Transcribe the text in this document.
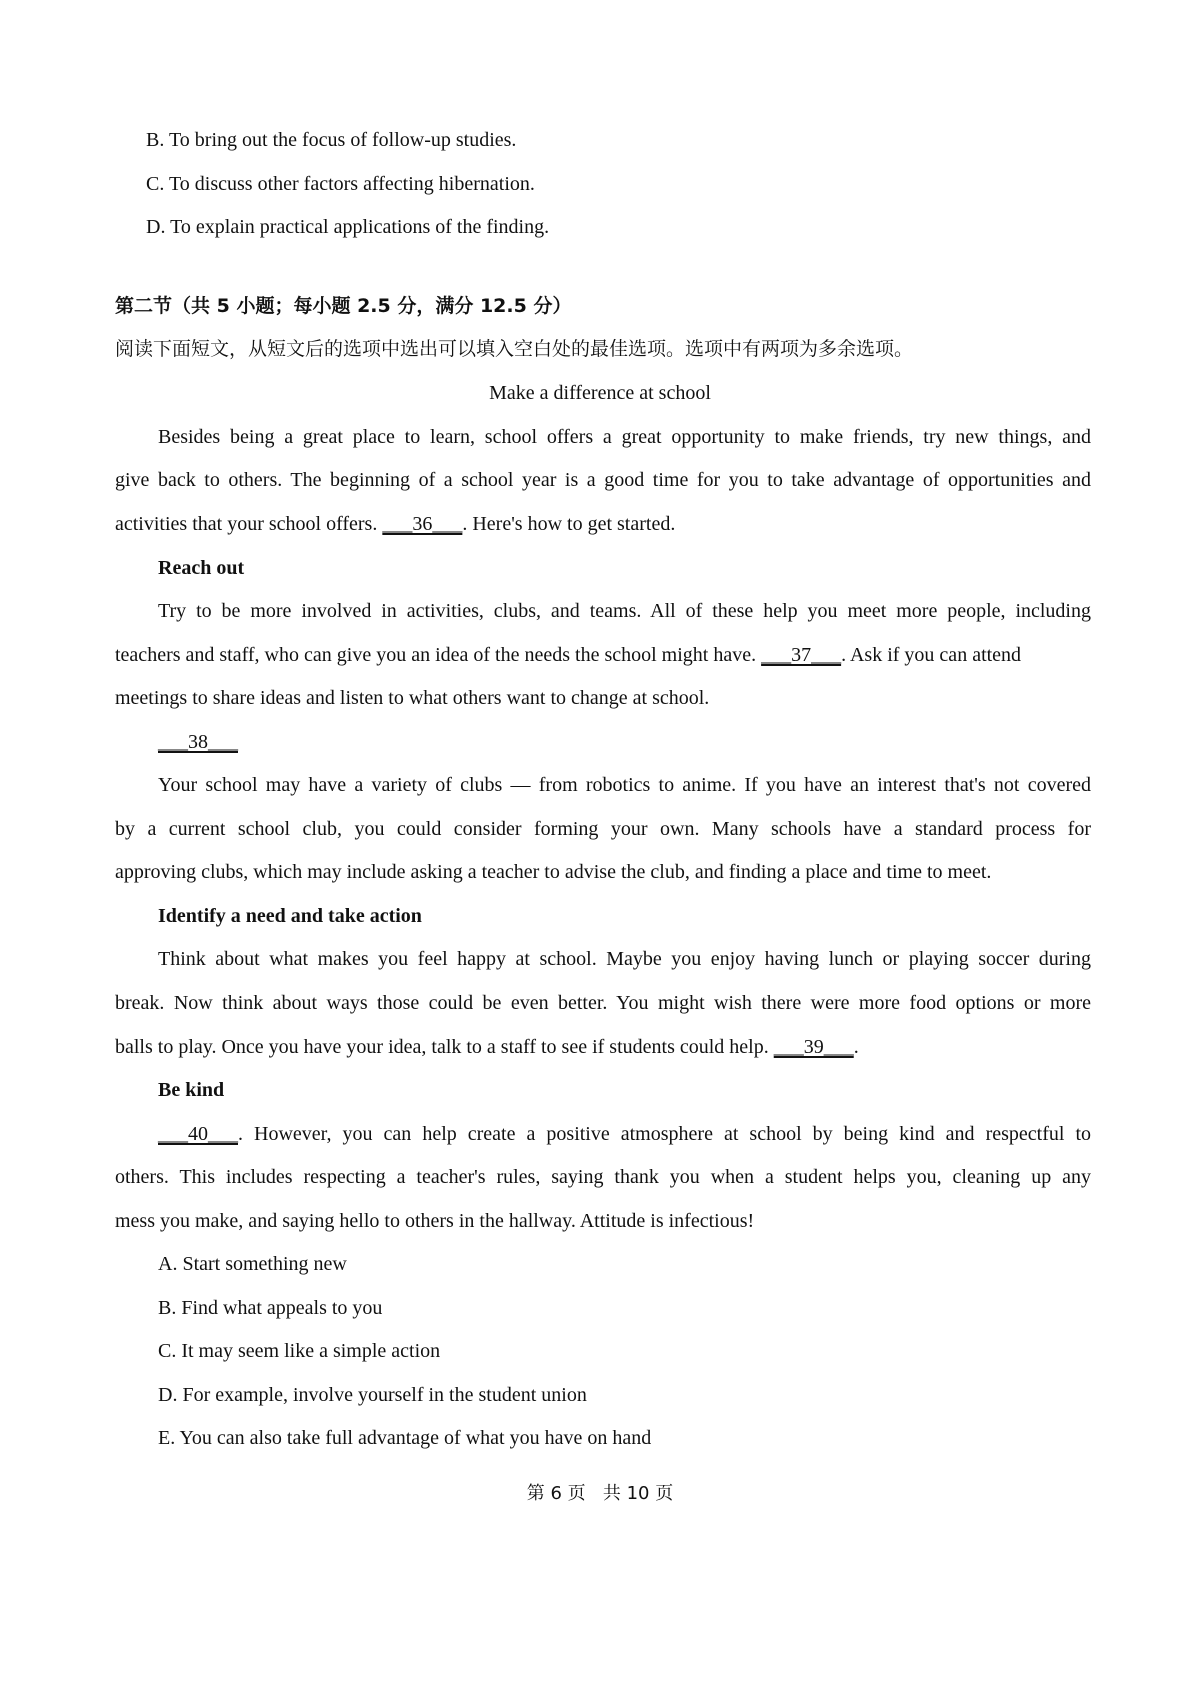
B. To bring out the focus of follow-up studies.
C. To discuss other factors affecting hibernation.
D. To explain practical applications of the finding.
第二节（共 5 小题；每小题 2.5 分，满分 12.5 分）
阅读下面短文，从短文后的选项中选出可以填入空白处的最佳选项。选项中有两项为多余选项。
Make a difference at school
Besides being a great place to learn, school offers a great opportunity to make friends, try new things, and
give back to others. The beginning of a school year is a good time for you to take advantage of opportunities and
activities that your school offers. ___36___. Here's how to get started.
Reach out
Try to be more involved in activities, clubs, and teams. All of these help you meet more people, including
teachers and staff, who can give you an idea of the needs the school might have. ___37___. Ask if you can attend
meetings to share ideas and listen to what others want to change at school.
___38___
Your school may have a variety of clubs — from robotics to anime. If you have an interest that's not covered
by a current school club, you could consider forming your own. Many schools have a standard process for
approving clubs, which may include asking a teacher to advise the club, and finding a place and time to meet.
Identify a need and take action
Think about what makes you feel happy at school. Maybe you enjoy having lunch or playing soccer during
break. Now think about ways those could be even better. You might wish there were more food options or more
balls to play. Once you have your idea, talk to a staff to see if students could help. ___39___.
Be kind
___40___. However, you can help create a positive atmosphere at school by being kind and respectful to
others. This includes respecting a teacher's rules, saying thank you when a student helps you, cleaning up any
mess you make, and saying hello to others in the hallway. Attitude is infectious!
A. Start something new
B. Find what appeals to you
C. It may seem like a simple action
D. For example, involve yourself in the student union
E. You can also take full advantage of what you have on hand
第 6 页   共 10 页
